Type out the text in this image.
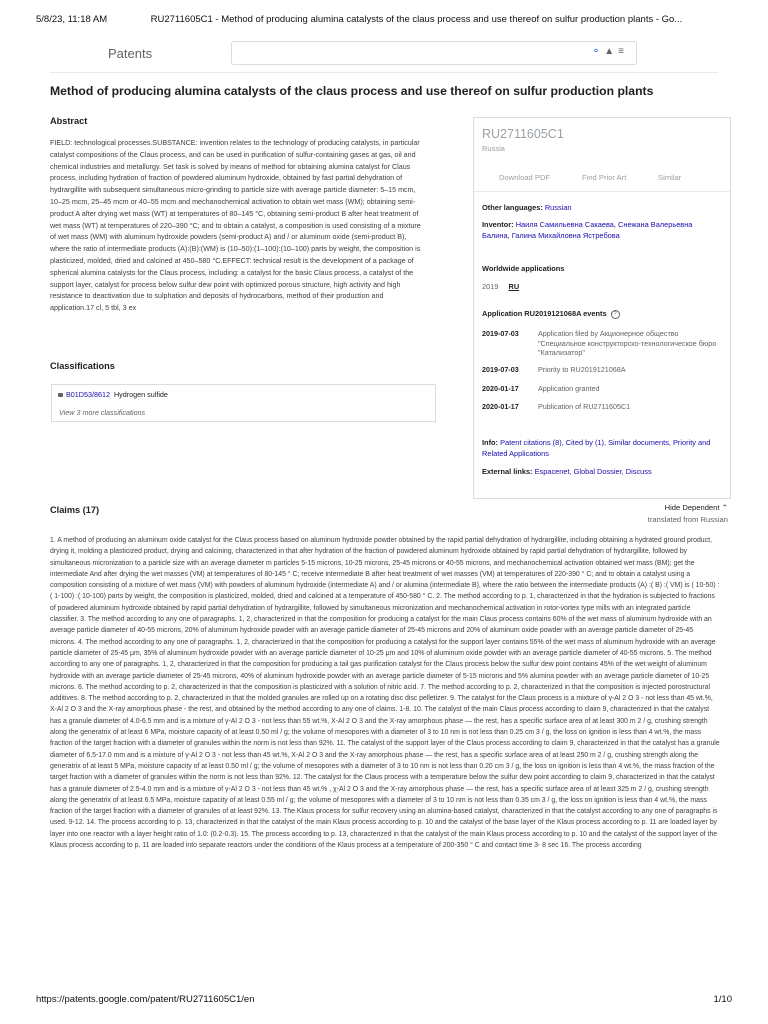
5/8/23, 11:18 AM	RU2711605C1 - Method of producing alumina catalysts of the claus process and use thereof on sulfur production plants - Go...
Patents	⚬▲≡
Method of producing alumina catalysts of the claus process and use thereof on sulfur production plants
Abstract
FIELD: technological processes.SUBSTANCE: invention relates to the technology of producing catalysts, in particular catalyst compositions of the Claus process, and can be used in purification of sulfur-containing gases at gas, oil and chemical industries and metallurgy. Set task is solved by means of method for obtaining alumina catalyst for Claus process, including hydration of fraction of powdered aluminum hydroxide, obtained by fast partial dehydration of hydrargillite with subsequent simultaneous micro-grinding to particle size with average particle diameter: 5–15 mcm, 10–25 mcm, 25–45 mcm or 40–55 mcm and mechanochemical activation to obtain wet mass (WM); obtaining semi-product A after drying wet mass (WT) at temperatures of 80–145 °C, obtaining semi-product B after heat treatment of wet mass (WT) at temperatures of 220–390 °C; and to obtain a catalyst, a composition is used consisting of a mixture of wet mass (WM) with aluminum hydroxide powders (semi-product A) and / or aluminum oxide (semi-product B), where the ratio of intermediate products (A):(B):(WM) is (10–50):(1–100):(10–100) parts by weight, the composition is plasticized, molded, dried and calcined at 450–580 °C.EFFECT: technical result is the development of a package of spherical alumina catalysts for the Claus process, including: a catalyst for the basic Claus process, a catalyst of the support layer, catalyst for process below sulfur dew point with optimized porous structure, high activity and high resistance to deactivation due to sulphation and deposits of hydrocarbons, method of their production and application.17 cl, 5 tbl, 3 ex
Classifications
B01D53/8612 Hydrogen sulfide
View 3 more classifications
RU2711605C1
Russia
Download PDF	Find Prior Art	Similar
Other languages: Russian
Inventor: Наиля Самильевна Сакаева, Снежана Валерьевна Балина, Галина Михайловна Ястребова
Worldwide applications
2019 RU
Application RU2019121068A events ?
2019-07-03	Application filed by Акционерное общество "Специальное конструкторско-технологическое бюро "Катализатор"
2019-07-03	Priority to RU2019121068A
2020-01-17	Application granted
2020-01-17	Publication of RU2711605C1
Info: Patent citations (8), Cited by (1), Similar documents, Priority and Related Applications
External links: Espacenet, Global Dossier, Discuss
Claims (17)	Hide Dependent ⌃
translated from Russian

1. A method of producing an aluminum oxide catalyst for the Claus process based on aluminum hydroxide powder obtained by the rapid partial dehydration of hydrargillite, including obtaining a hydrated ground product, drying it, molding a plasticized product, drying and calcining, characterized in that after hydration of the fraction of powdered aluminum hydroxide obtained by rapid partial dehydration of hydrargillite, followed by simultaneous micronization to a particle size with an average diameter m particles 5-15 microns, 10-25 microns, 25-45 microns or 40-55 microns, and mechanochemical activation obtained wet mass (BM); get the intermediate And after drying the wet masses (VM) at temperatures of 80-145 ° C; receive intermediate B after heat treatment of wet masses (VM) at temperatures of 220-390 ° C; and to obtain a catalyst using a composition consisting of a mixture of wet mass (VM) with powders of aluminum hydroxide (intermediate A) and / or alumina (intermediate B), where the ratio between the intermediate products (A) :( B) :( VM) is ( 10-50) :( 1-100) :( 10-100) parts by weight, the composition is plasticized, molded, dried and calcined at a temperature of 450-580 ° C. 2. The method according to p. 1, characterized in that the hydration is subjected to fractions of powdered aluminum hydroxide obtained by rapid partial dehydration of hydrargillite, followed by simultaneous micronization and mechanochemical activation in rotor-vortex type mills with an integrated particle classifier. 3. The method according to any one of paragraphs. 1, 2, characterized in that the composition for producing a catalyst for the main Claus process contains 60% of the wet mass of aluminum hydroxide with an average particle diameter of 40-55 microns, 20% of aluminum hydroxide powder with an average particle diameter of 25-45 microns and 20% of aluminum oxide powder with an average particle diameter of 25-45 microns. 4. The method according to any one of paragraphs. 1, 2, characterized in that the composition for producing a catalyst for the support layer contains 55% of the wet mass of aluminum hydroxide with an average particle diameter of 25-45 μm, 35% of aluminum hydroxide powder with an average particle diameter of 10-25 μm and 10% of aluminum oxide powder with an average particle diameter of 40-55 microns. 5. The method according to any one of paragraphs. 1, 2, characterized in that the composition for producing a tail gas purification catalyst for the Claus process below the sulfur dew point contains 45% of the wet weight of aluminum hydroxide with an average particle diameter of 25-45 microns, 40% of aluminum hydroxide powder with an average particle diameter of 5-15 microns and 5% alumina powder with an average particle diameter of 10-25 microns. 6. The method according to p. 2, characterized in that the composition is plasticized with a solution of nitric acid. 7. The method according to p. 2, characterized in that the composition is injected porostructural additives. 8. The method according to p. 2, characterized in that the molded granules are rolled up on a rotating disc disc pelletizer. 9. The catalyst for the Claus process is a mixture of γ-Al 2 O 3 - not less than 45 wt.%, X-Al 2 O 3 and the X-ray amorphous phase - the rest, and obtained by the method according to any one of claims. 1-8. 10. The catalyst of the main Claus process according to claim 9, characterized in that the catalyst has a granule diameter of 4.0-6.5 mm and is a mixture of γ-Al 2 O 3 - not less than 55 wt.%, X-Al 2 O 3 and the X-ray amorphous phase — the rest, has a specific surface area of at least 300 m 2 / g, crushing strength along the generatrix of at least 6 MPa, moisture capacity of at least 0.50 ml / g; the volume of mesopores with a diameter of 3 to 10 nm is not less than 0.25 cm 3 / g, the loss on ignition is less than 4 wt.%, the mass fraction of the target fraction with a diameter of granules within the norm is not less than 92%. 11. The catalyst of the support layer of the Claus process according to claim 9, characterized in that the catalyst has a granule diameter of 6.5-17.0 mm and is a mixture of γ-Al 2 O 3 - not less than 45 wt.%, X-Al 2 O 3 and the X-ray amorphous phase — the rest, has a specific surface area of at least 250 m 2 / g, crushing strength along the generatrix of at least 5 MPa, moisture capacity of at least 0.50 ml / g; the volume of mesopores with a diameter of 3 to 10 nm is not less than 0.20 cm 3 / g, the loss on ignition is less than 4 wt.%, the mass fraction of the target fraction with a diameter of granules within the norm is not less than 92%. 12. The catalyst for the Claus process with a temperature below the sulfur dew point according to claim 9, characterized in that the catalyst has a granule diameter of 2.5-4.0 mm and is a mixture of γ-Al 2 O 3 - not less than 45 wt.% , χ-Al 2 O 3 and the X-ray amorphous phase — the rest, has a specific surface area of at least 325 m 2 / g, crushing strength along the generatrix of at least 6.5 MPa, moisture capacity of at least 0.55 ml / g; the volume of mesopores with a diameter of 3 to 10 nm is not less than 0.35 cm 3 / g, the loss on ignition is less than 4 wt.%, the mass fraction of the target fraction with a diameter of granules of at least 92%. 13. The Klaus process for sulfur recovery using an alumina-based catalyst, characterized in that the catalyst according to any one of paragraphs is used. 9-12. 14. The process according to p. 13, characterized in that the catalyst of the main Klaus process according to p. 10 and the catalyst of the base layer of the Klaus process according to p. 11 are loaded layer by layer into one reactor with a layer height ratio of 1.0: (0.2-0.3). 15. The process according to p. 13, characterized in that the catalyst of the main Klaus process according to p. 10 and the catalyst of the support layer of the Klaus process according to p. 11 are loaded into separate reactors under the conditions of the Klaus process at a temperature of 200-350 ° C and contact time 3- 8 sec 16. The process according

https://patents.google.com/patent/RU2711605C1/en	1/10
